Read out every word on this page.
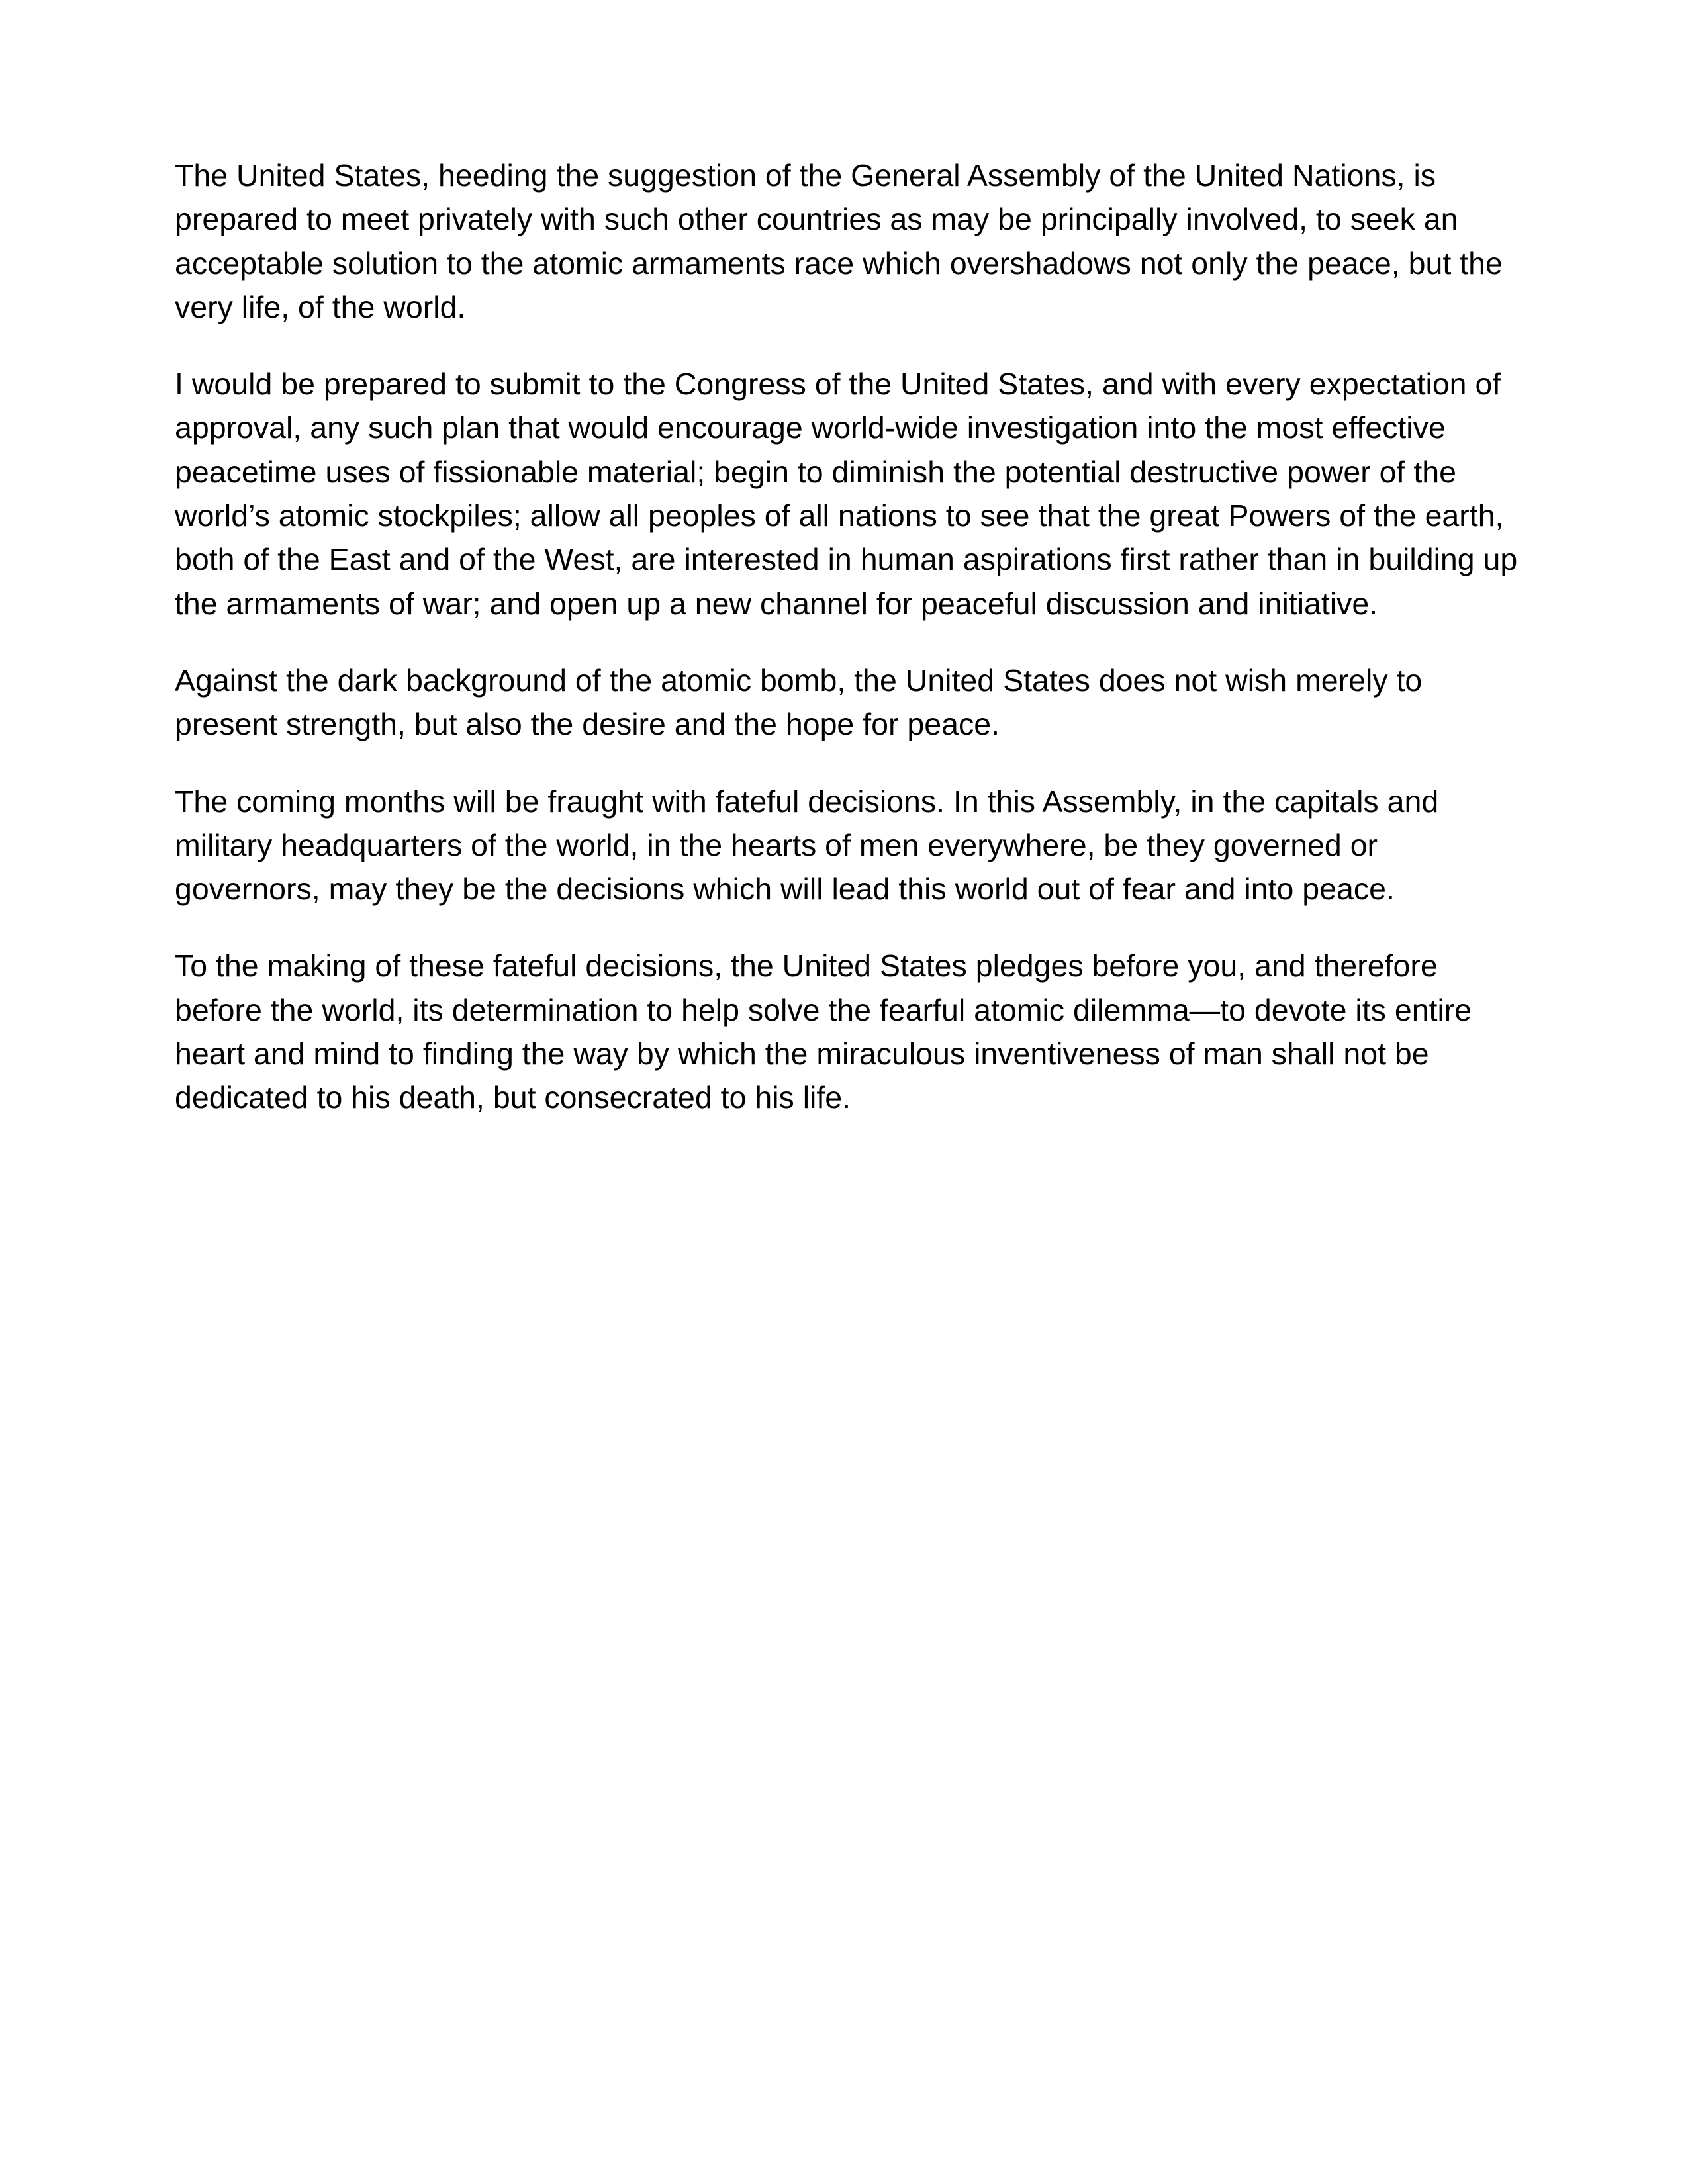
The United States, heeding the suggestion of the General Assembly of the United Nations, is prepared to meet privately with such other countries as may be principally involved, to seek an acceptable solution to the atomic armaments race which overshadows not only the peace, but the very life, of the world.

I would be prepared to submit to the Congress of the United States, and with every expectation of approval, any such plan that would encourage world-wide investigation into the most effective peacetime uses of fissionable material; begin to diminish the potential destructive power of the world’s atomic stockpiles; allow all peoples of all nations to see that the great Powers of the earth, both of the East and of the West, are interested in human aspirations first rather than in building up the armaments of war; and open up a new channel for peaceful discussion and initiative.

Against the dark background of the atomic bomb, the United States does not wish merely to present strength, but also the desire and the hope for peace.

The coming months will be fraught with fateful decisions. In this Assembly, in the capitals and military headquarters of the world, in the hearts of men everywhere, be they governed or governors, may they be the decisions which will lead this world out of fear and into peace.

To the making of these fateful decisions, the United States pledges before you, and therefore before the world, its determination to help solve the fearful atomic dilemma—to devote its entire heart and mind to finding the way by which the miraculous inventiveness of man shall not be dedicated to his death, but consecrated to his life.
